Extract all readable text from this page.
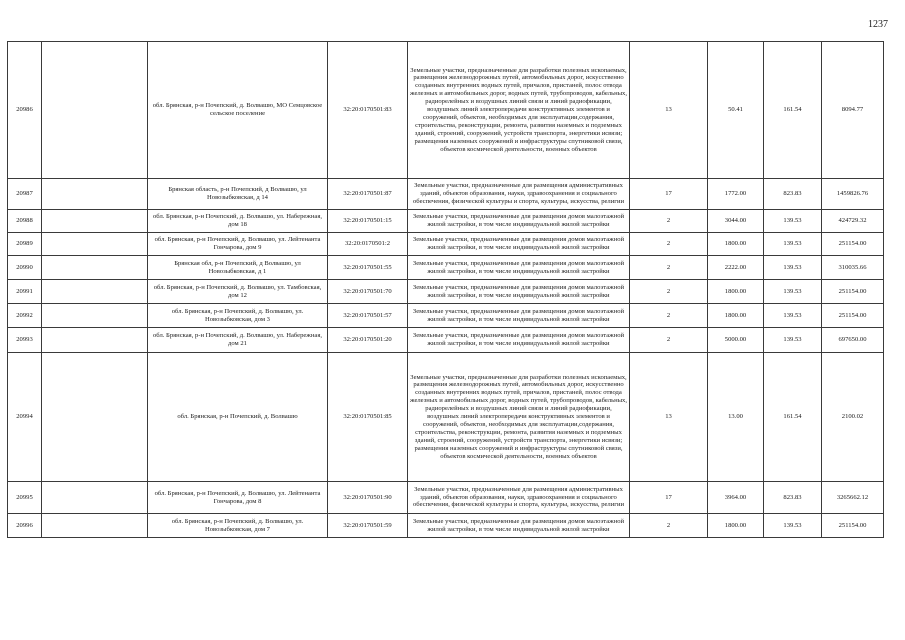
1237
20986		обл. Брянская, р-н Почепский, д. Волвашю, МО Семцовское сельское поселение	32:20:0170501:83	Земельные участки, предназначенные для разработки полезных ископаемых, размещения железнодорожных путей, автомобильных дорог, искусственно созданных внутренних водных путей, причалов, пристаней, полос отвода железных и автомобильных дорог, водных путей, трубопроводов, кабельных, радиорелейных и воздушных линий связи и линий радиофикации, воздушных линий электропередачи конструктивных элементов и сооружений, объектов, необходимых для эксплуатации,содержания, строительства, реконструкции, ремонта, развития наземных и подземных зданий, строений, сооружений, устройств транспорта, энергетики исвязи; размещения наземных сооружений и инфраструктуры спутниковой связи, объектов космической деятельности, военных объектов	13	50.41	161.54	8094.77
20987		Брянская область, р-н Почепский, д Волвашю, ул Новозыбковская, д 14	32:20:0170501:87	Земельные участки, предназначенные для размещения административных зданий, объектов образования, науки, здравоохранения и социального обеспечения, физической культуры и спорта, культуры, искусства, религии	17	1772.00	823.83	1459826.76
20988		обл. Брянская, р-н Почепский, д. Волвашю, ул. Набережная, дом 18	32:20:0170501:15	Земельные участки, предназначенные для размещения домов малоэтажной жилой застройки, в том числе индивидуальной жилой застройки	2	3044.00	139.53	424729.32
20989		обл. Брянская, р-н Почепский, д. Волвашю, ул. Лейтенанта Гончарова, дом 9	32:20:0170501:2	Земельные участки, предназначенные для размещения домов малоэтажной жилой застройки, в том числе индивидуальной жилой застройки	2	1800.00	139.53	251154.00
20990		Брянская обл, р-н Почепский, д Волвашю, ул Новозыбковская, д 1	32:20:0170501:55	Земельные участки, предназначенные для размещения домов малоэтажной жилой застройки, в том числе индивидуальной жилой застройки	2	2222.00	139.53	310035.66
20991		обл. Брянская, р-н Почепский, д. Волвашю, ул. Тамбовская, дом 12	32:20:0170501:70	Земельные участки, предназначенные для размещения домов малоэтажной жилой застройки, в том числе индивидуальной жилой застройки	2	1800.00	139.53	251154.00
20992		обл. Брянская, р-н Почепский, д. Волвашю, ул. Новозыбковская, дом 3	32:20:0170501:57	Земельные участки, предназначенные для размещения домов малоэтажной жилой застройки, в том числе индивидуальной жилой застройки	2	1800.00	139.53	251154.00
20993		обл. Брянская, р-н Почепский, д. Волвашю, ул. Набережная, дом 21	32:20:0170501:20	Земельные участки, предназначенные для размещения домов малоэтажной жилой застройки, в том числе индивидуальной жилой застройки	2	5000.00	139.53	697650.00
20994		обл. Брянская, р-н Почепский, д. Волвашю	32:20:0170501:85	Земельные участки, предназначенные для разработки полезных ископаемых, размещения железнодорожных путей, автомобильных дорог, искусственно созданных внутренних водных путей, причалов, пристаней, полос отвода железных и автомобильных дорог, водных путей, трубопроводов, кабельных, радиорелейных и воздушных линий связи и линий радиофикации, воздушных линий электропередачи конструктивных элементов и сооружений, объектов, необходимых для эксплуатации,содержания, строительства, реконструкции, ремонта, развития наземных и подземных зданий, строений, сооружений, устройств транспорта, энергетики исвязи; размещения наземных сооружений и инфраструктуры спутниковой связи, объектов космической деятельности, военных объектов	13	13.00	161.54	2100.02
20995		обл. Брянская, р-н Почепский, д. Волвашю, ул. Лейтенанта Гончарова, дом 8	32:20:0170501:90	Земельные участки, предназначенные для размещения административных зданий, объектов образования, науки, здравоохранения и социального обеспечения, физической культуры и спорта, культуры, искусства, религии	17	3964.00	823.83	3265662.12
20996		обл. Брянская, р-н Почепский, д. Волвашю, ул. Новозыбковская, дом 7	32:20:0170501:59	Земельные участки, предназначенные для размещения домов малоэтажной жилой застройки, в том числе индивидуальной жилой застройки	2	1800.00	139.53	251154.00
